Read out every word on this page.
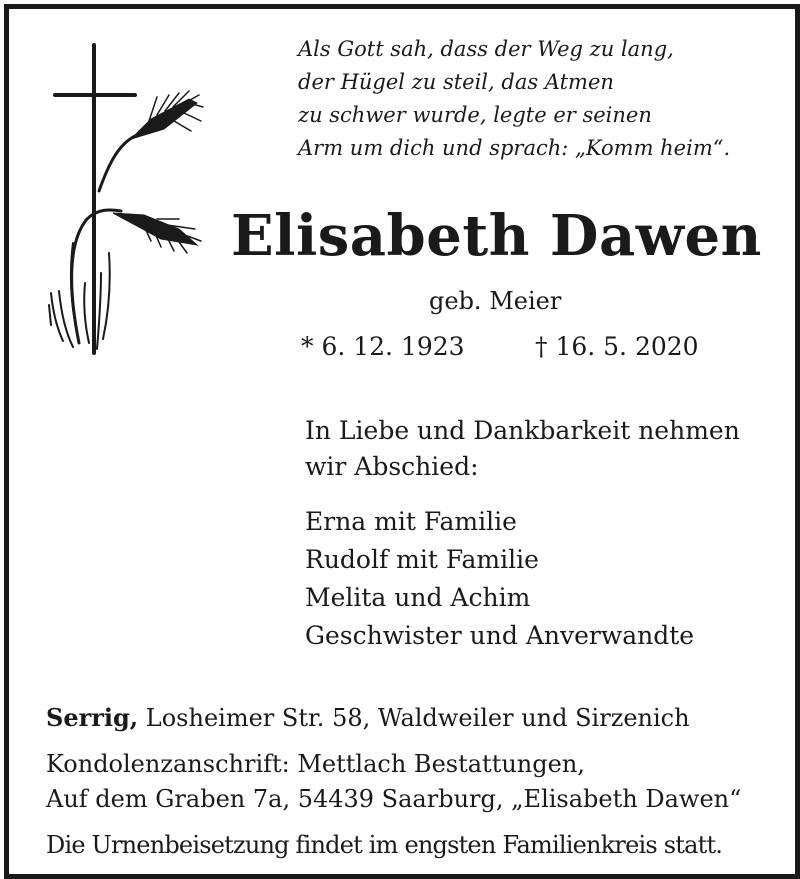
Als Gott sah, dass der Weg zu lang,
der Hügel zu steil, das Atmen
zu schwer wurde, legte er seinen
Arm um dich und sprach: „Komm heim“.
Elisabeth Dawen
geb. Meier
* 6. 12. 1923	† 16. 5. 2020
In Liebe und Dankbarkeit nehmen
wir Abschied:
Erna mit Familie
Rudolf mit Familie
Melita und Achim
Geschwister und Anverwandte
Serrig, Losheimer Str. 58, Waldweiler und Sirzenich
Kondolenzanschrift: Mettlach Bestattungen,
Auf dem Graben 7a, 54439 Saarburg, „Elisabeth Dawen“
Die Urnenbeisetzung findet im engsten Familienkreis statt.
